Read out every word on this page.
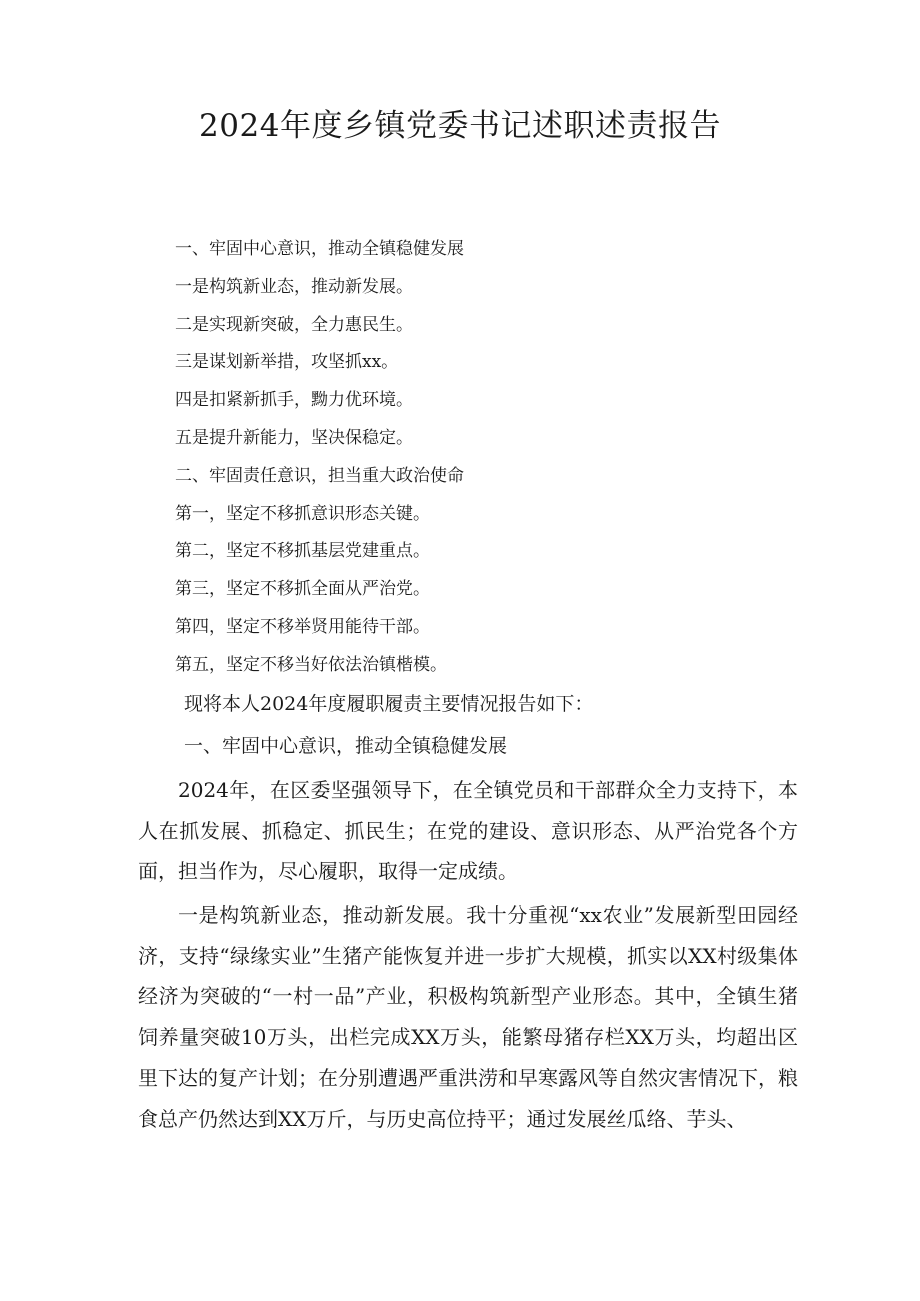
2024年度乡镇党委书记述职述责报告
一、牢固中心意识，推动全镇稳健发展
一是构筑新业态，推动新发展。
二是实现新突破，全力惠民生。
三是谋划新举措，攻坚抓xx。
四是扣紧新抓手，黝力优环境。
五是提升新能力，坚决保稳定。
二、牢固责任意识，担当重大政治使命
第一，坚定不移抓意识形态关键。
第二，坚定不移抓基层党建重点。
第三，坚定不移抓全面从严治党。
第四，坚定不移举贤用能待干部。
第五，坚定不移当好依法治镇楷模。
现将本人2024年度履职履责主要情况报告如下：
一、牢固中心意识，推动全镇稳健发展

2024年，在区委坚强领导下，在全镇党员和干部群众全力支持下，本人在抓发展、抓稳定、抓民生；在党的建设、意识形态、从严治党各个方面，担当作为，尽心履职，取得一定成绩。

一是构筑新业态，推动新发展。我十分重视“xx农业”发展新型田园经济，支持“绿缘实业”生猪产能恢复并进一步扩大规模，抓实以XX村级集体经济为突破的“一村一品”产业，积极构筑新型产业形态。其中，全镇生猪饲养量突破10万头，出栏完成XX万头，能繁母猪存栏XX万头，均超出区里下达的复产计划；在分别遭遇严重洪涝和早寒露风等自然灾害情况下，粮食总产仍然达到XX万斤，与历史高位持平；通过发展丝瓜络、芋头、
